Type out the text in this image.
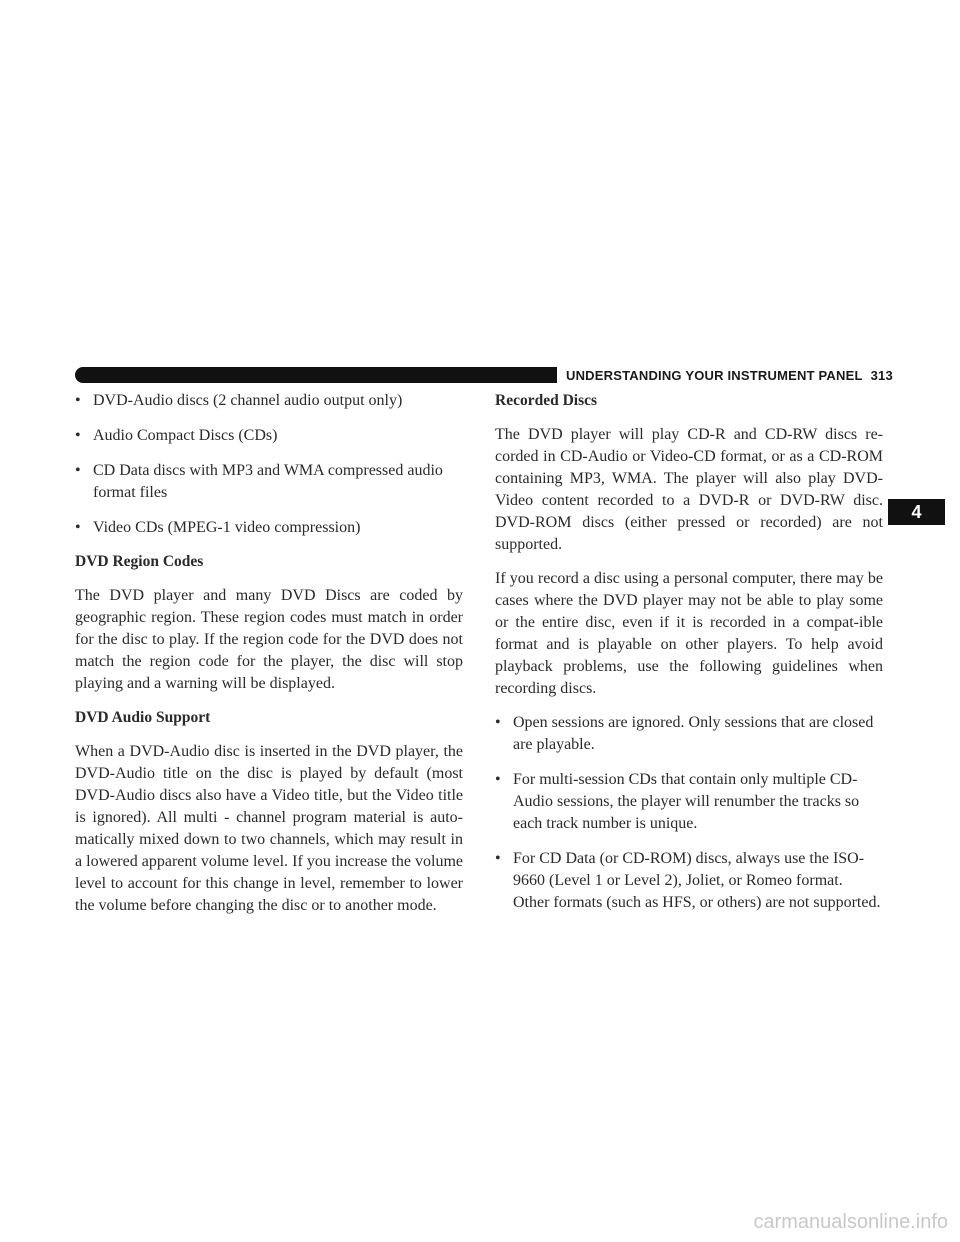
UNDERSTANDING YOUR INSTRUMENT PANEL 313
4
• DVD-Audio discs (2 channel audio output only)
• Audio Compact Discs (CDs)
• CD Data discs with MP3 and WMA compressed audio format files
• Video CDs (MPEG-1 video compression)
DVD Region Codes

The DVD player and many DVD Discs are coded by geographic region. These region codes must match in order for the disc to play. If the region code for the DVD does not match the region code for the player, the disc will stop playing and a warning will be displayed.

DVD Audio Support

When a DVD-Audio disc is inserted in the DVD player, the DVD-Audio title on the disc is played by default (most DVD-Audio discs also have a Video title, but the Video title is ignored). All multi - channel program material is auto-matically mixed down to two channels, which may result in a lowered apparent volume level. If you increase the volume level to account for this change in level, remember to lower the volume before changing the disc or to another mode.

Recorded Discs

The DVD player will play CD-R and CD-RW discs re-corded in CD-Audio or Video-CD format, or as a CD-ROM containing MP3, WMA. The player will also play DVD-Video content recorded to a DVD-R or DVD-RW disc. DVD-ROM discs (either pressed or recorded) are not supported.

If you record a disc using a personal computer, there may be cases where the DVD player may not be able to play some or the entire disc, even if it is recorded in a compat-ible format and is playable on other players. To help avoid playback problems, use the following guidelines when recording discs.

• Open sessions are ignored. Only sessions that are closed are playable.
• For multi-session CDs that contain only multiple CD-Audio sessions, the player will renumber the tracks so each track number is unique.
• For CD Data (or CD-ROM) discs, always use the ISO-9660 (Level 1 or Level 2), Joliet, or Romeo format. Other formats (such as HFS, or others) are not supported.
carmanualsonline.info
